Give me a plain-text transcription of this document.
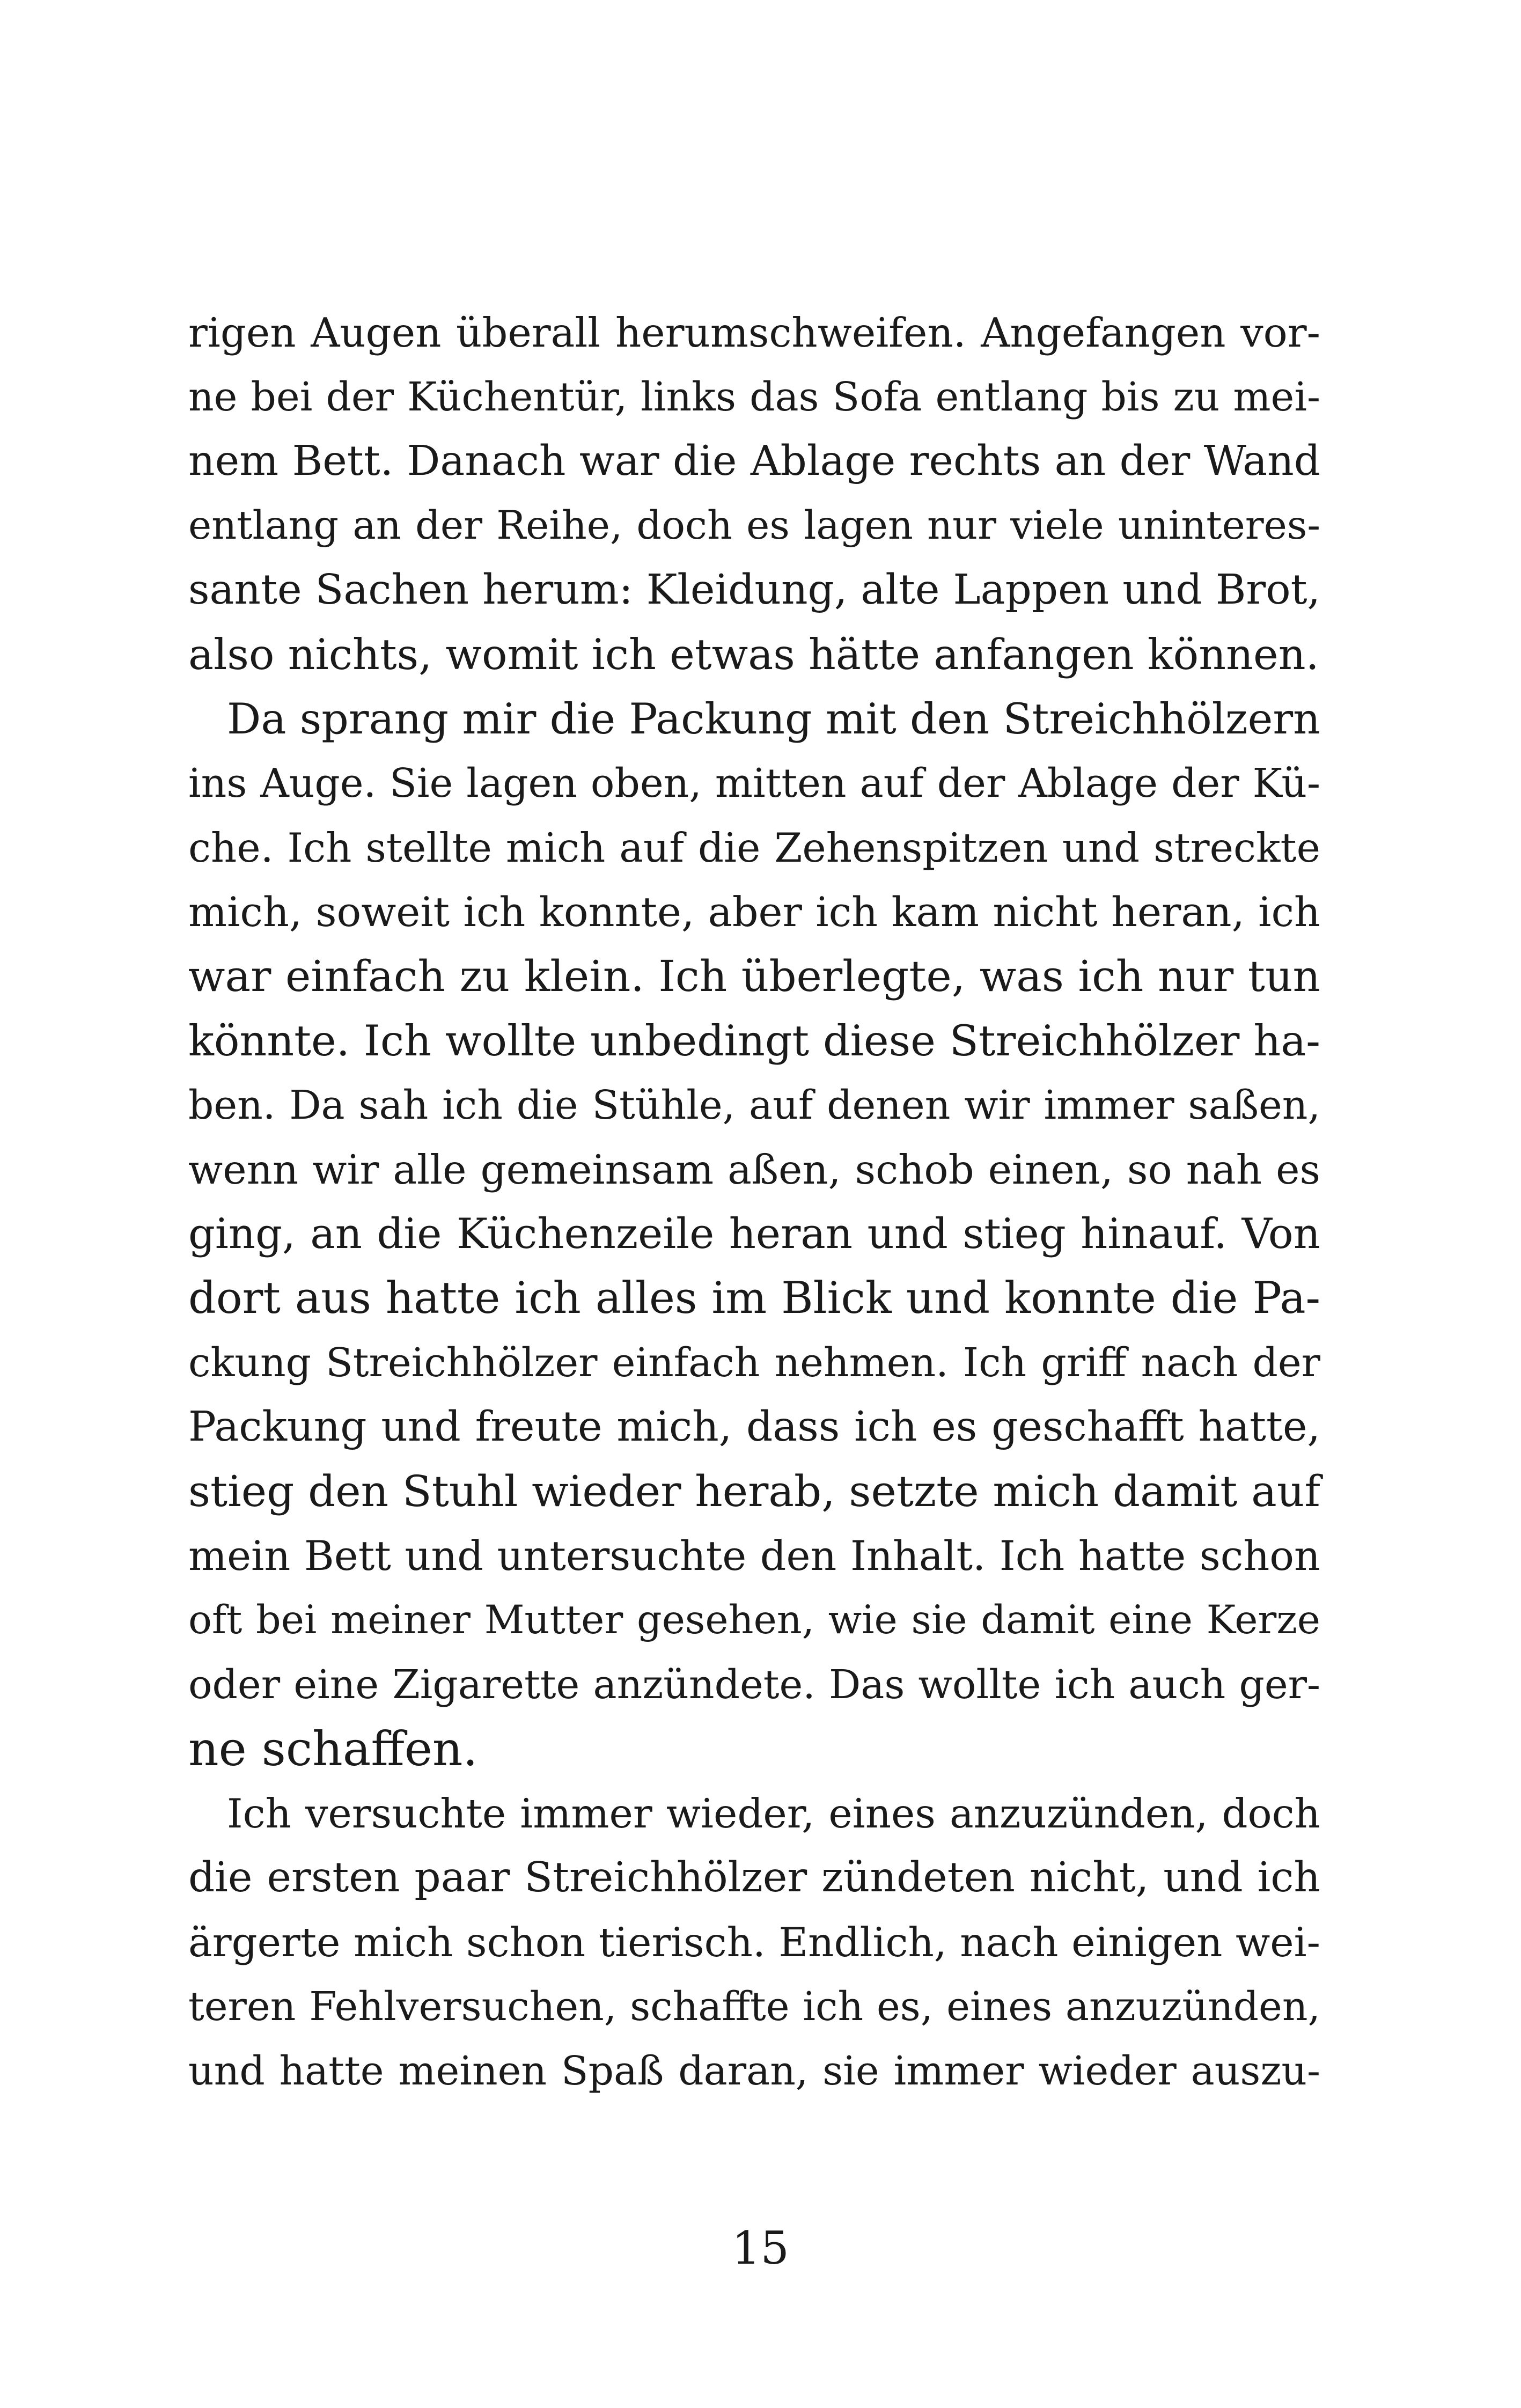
rigen Augen überall herumschweifen. Angefangen vor-
ne bei der Küchentür, links das Sofa entlang bis zu mei-
nem Bett. Danach war die Ablage rechts an der Wand
entlang an der Reihe, doch es lagen nur viele uninteres-
sante Sachen herum: Kleidung, alte Lappen und Brot,
also nichts, womit ich etwas hätte anfangen können.
Da sprang mir die Packung mit den Streichhölzern
ins Auge. Sie lagen oben, mitten auf der Ablage der Kü-
che. Ich stellte mich auf die Zehenspitzen und streckte
mich, soweit ich konnte, aber ich kam nicht heran, ich
war einfach zu klein. Ich überlegte, was ich nur tun
könnte. Ich wollte unbedingt diese Streichhölzer ha-
ben. Da sah ich die Stühle, auf denen wir immer saßen,
wenn wir alle gemeinsam aßen, schob einen, so nah es
ging, an die Küchenzeile heran und stieg hinauf. Von
dort aus hatte ich alles im Blick und konnte die Pa-
ckung Streichhölzer einfach nehmen. Ich griff nach der
Packung und freute mich, dass ich es geschafft hatte,
stieg den Stuhl wieder herab, setzte mich damit auf
mein Bett und untersuchte den Inhalt. Ich hatte schon
oft bei meiner Mutter gesehen, wie sie damit eine Kerze
oder eine Zigarette anzündete. Das wollte ich auch ger-
ne schaffen.
Ich versuchte immer wieder, eines anzuzünden, doch
die ersten paar Streichhölzer zündeten nicht, und ich
ärgerte mich schon tierisch. Endlich, nach einigen wei-
teren Fehlversuchen, schaffte ich es, eines anzuzünden,
und hatte meinen Spaß daran, sie immer wieder auszu-
15
